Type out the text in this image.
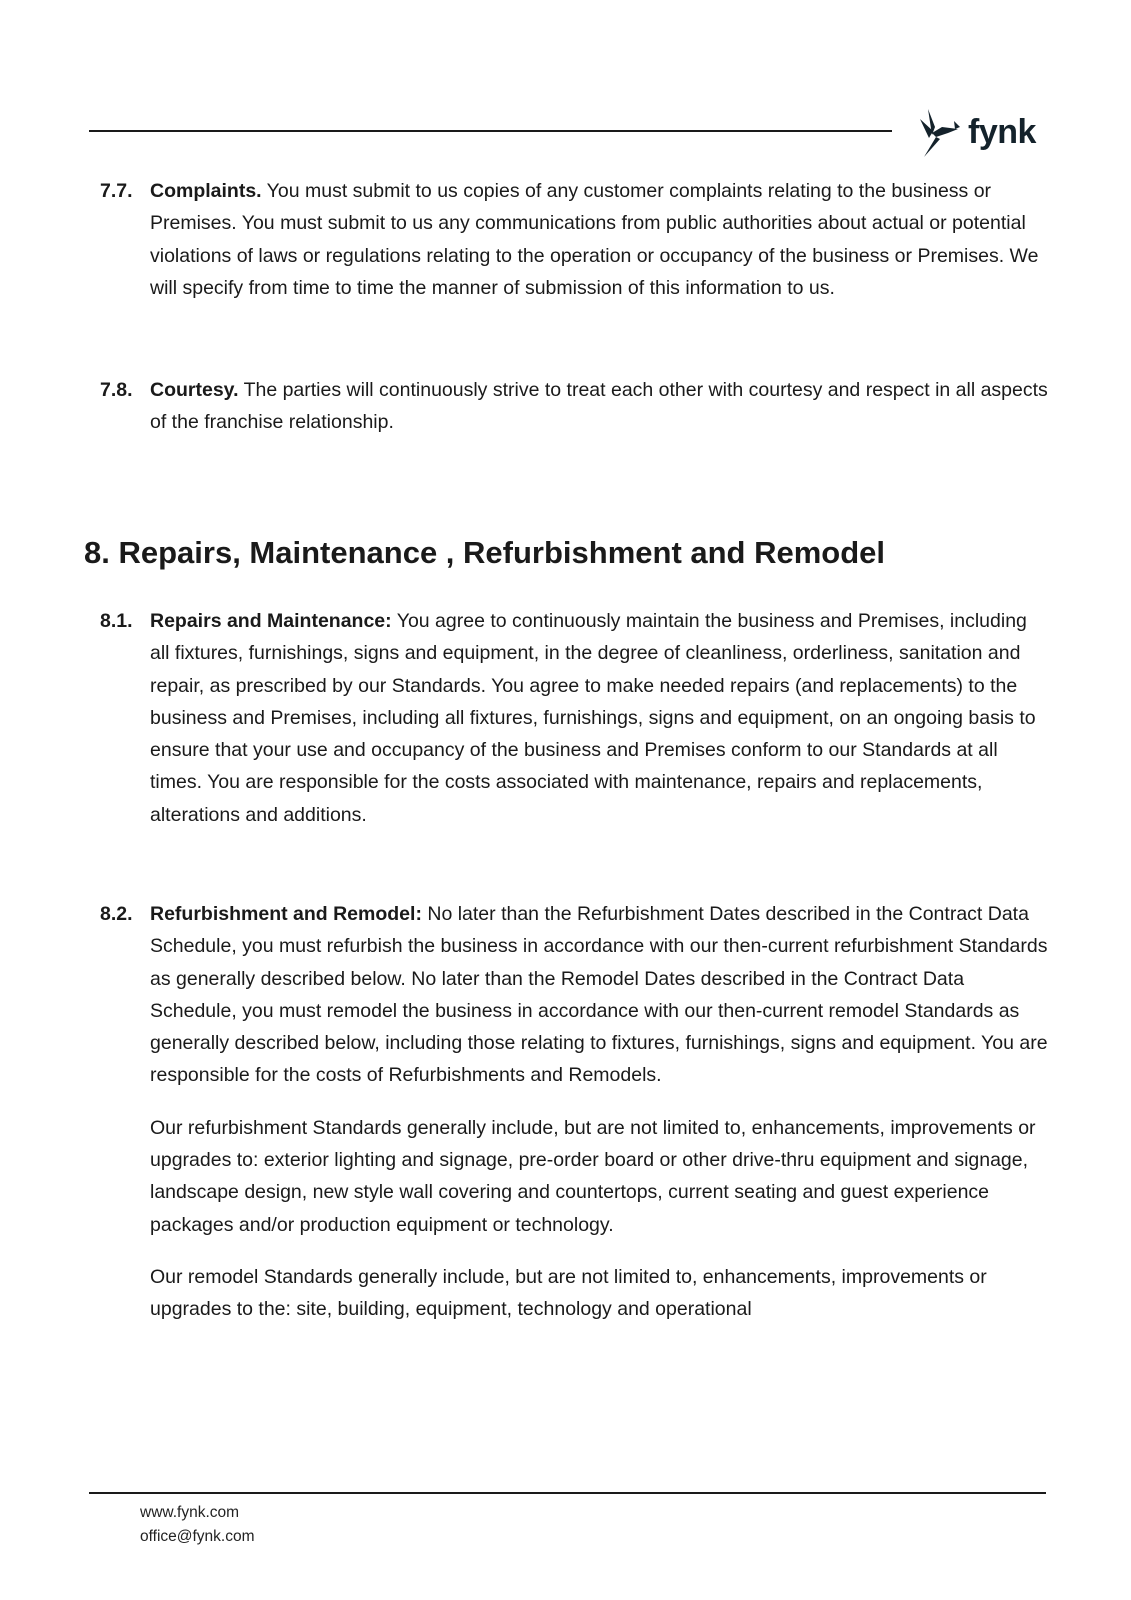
fynk
7.7. Complaints. You must submit to us copies of any customer complaints relating to the business or Premises. You must submit to us any communications from public authorities about actual or potential violations of laws or regulations relating to the operation or occupancy of the business or Premises. We will specify from time to time the manner of submission of this information to us.

7.8. Courtesy. The parties will continuously strive to treat each other with courtesy and respect in all aspects of the franchise relationship.

8. Repairs, Maintenance , Refurbishment and Remodel
8.1. Repairs and Maintenance: You agree to continuously maintain the business and Premises, including all fixtures, furnishings, signs and equipment, in the degree of cleanliness, orderliness, sanitation and repair, as prescribed by our Standards. You agree to make needed repairs (and replacements) to the business and Premises, including all fixtures, furnishings, signs and equipment, on an ongoing basis to ensure that your use and occupancy of the business and Premises conform to our Standards at all times. You are responsible for the costs associated with maintenance, repairs and replacements, alterations and additions.

8.2. Refurbishment and Remodel: No later than the Refurbishment Dates described in the Contract Data Schedule, you must refurbish the business in accordance with our then-current refurbishment Standards as generally described below. No later than the Remodel Dates described in the Contract Data Schedule, you must remodel the business in accordance with our then-current remodel Standards as generally described below, including those relating to fixtures, furnishings, signs and equipment. You are responsible for the costs of Refurbishments and Remodels.

Our refurbishment Standards generally include, but are not limited to, enhancements, improvements or upgrades to: exterior lighting and signage, pre-order board or other drive-thru equipment and signage, landscape design, new style wall covering and countertops, current seating and guest experience packages and/or production equipment or technology.

Our remodel Standards generally include, but are not limited to, enhancements, improvements or upgrades to the: site, building, equipment, technology and operational

www.fynk.com
office@fynk.com
